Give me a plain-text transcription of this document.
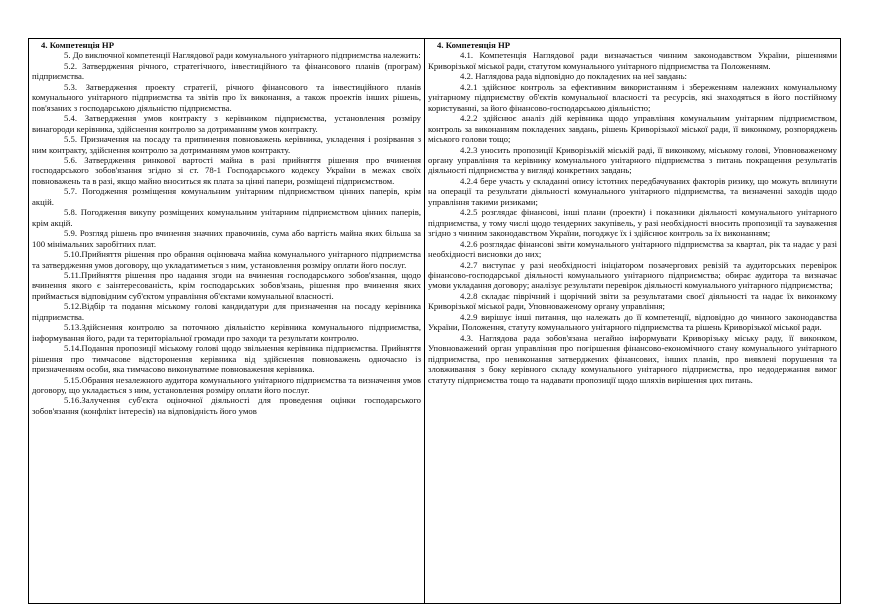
4. Компетенція НР
5. До виключної компетенції Наглядової ради комунального унітарного підприємства належить:
5.2. Затвердження річного, стратегічного, інвестиційного та фінансового планів (програм) підприємства.
5.3. Затвердження проекту стратегії, річного фінансового та інвестиційного планів комунального унітарного підприємства та звітів про їх виконання, а також проектів інших рішень, пов'язаних з господарською діяльністю підприємства.
5.4. Затвердження умов контракту з керівником підприємства, установлення розміру винагороди керівника, здійснення контролю за дотриманням умов контракту.
5.5. Призначення на посаду та припинення повноважень керівника, укладення і розірвання з ним контракту, здійснення контролю за дотриманням умов контракту.
5.6. Затвердження ринкової вартості майна в разі прийняття рішення про вчинення господарського зобов'язання згідно зі ст. 78-1 Господарського кодексу України в межах своїх повноважень та в разі, якщо майно вноситься як плата за цінні папери, розміщені підприємством.
5.7. Погодження розміщення комунальним унітарним підприємством цінних паперів, крім акцій.
5.8. Погодження викупу розміщених комунальним унітарним підприємством цінних паперів, крім акцій.
5.9. Розгляд рішень про вчинення значних правочинів, сума або вартість майна яких більша за 100 мінімальних заробітних плат.
5.10.Прийняття рішення про обрання оцінювача майна комунального унітарного підприємства та затвердження умов договору, що укладатиметься з ним, установлення розміру оплати його послуг.
5.11.Прийняття рішення про надання згоди на вчинення господарського зобов'язання, щодо вчинення якого є заінтересованість, крім господарських зобов'язань, рішення про вчинення яких приймається відповідним суб'єктом управління об'єктами комунальної власності.
5.12.Відбір та подання міському голові кандидатури для призначення на посаду керівника підприємства.
5.13.Здійснення контролю за поточною діяльністю керівника комунального підприємства, інформування його, ради та територіальної громади про заходи та результати контролю.
5.14.Подання пропозиції міському голові щодо звільнення керівника підприємства. Прийняття рішення про тимчасове відсторонення керівника від здійснення повноважень одночасно із призначенням особи, яка тимчасово виконуватиме повноваження керівника.
5.15.Обрання незалежного аудитора комунального унітарного підприємства та визначення умов договору, що укладається з ним, установлення розміру оплати його послуг.
5.16.Залучення суб'єкта оціночної діяльності для проведення оцінки господарського зобов'язання (конфлікт інтересів) на відповідність його умов
4. Компетенція НР
4.1. Компетенція Наглядової ради визначається чинним законодавством України, рішеннями Криворізької міської ради, статутом комунального унітарного підприємства та Положенням.
4.2. Наглядова рада відповідно до покладених на неї завдань:
4.2.1 здійснює контроль за ефективним використанням і збереженням належних комунальному унітарному підприємству об'єктів комунальної власності та ресурсів, які знаходяться в його постійному користуванні, за його фінансово-господарською діяльністю;
4.2.2 здійснює аналіз дій керівника щодо управління комунальним унітарним підприємством, контроль за виконанням покладених завдань, рішень Криворізької міської ради, її виконкому, розпоряджень міського голови тощо;
4.2.3 уносить пропозиції Криворізькій міській раді, її виконкому, міському голові, Уповноваженому органу управління та керівнику комунального унітарного підприємства з питань покращення результатів діяльності підприємства у вигляді конкретних завдань;
4.2.4 бере участь у складанні опису істотних передбачуваних факторів ризику, що можуть вплинути на операції та результати діяльності комунального унітарного підприємства, та визначенні заходів щодо управління такими ризиками;
4.2.5 розглядає фінансові, інші плани (проекти) і показники діяльності комунального унітарного підприємства, у тому числі щодо тендерних закупівель, у разі необхідності вносить пропозиції та зауваження згідно з чинним законодавством України, погоджує їх і здійснює контроль за їх виконанням;
4.2.6 розглядає фінансові звіти комунального унітарного підприємства за квартал, рік та надає у разі необхідності висновки до них;
4.2.7 виступає у разі необхідності ініціатором позачергових ревізій та аудиторських перевірок фінансово-господарської діяльності комунального унітарного підприємства; обирає аудитора та визначає умови укладання договору; аналізує результати перевірок діяльності комунального унітарного підприємства;
4.2.8 складає піврічний і щорічний звіти за результатами своєї діяльності та надає їх виконкому Криворізької міської ради, Уповноваженому органу управління;
4.2.9 вирішує інші питання, що належать до її компетенції, відповідно до чинного законодавства України, Положення, статуту комунального унітарного підприємства та рішень Криворізької міської ради.
4.3. Наглядова рада зобов'язана негайно інформувати Криворізьку міську раду, її виконком, Уповноважений орган управління про погіршення фінансово-економічного стану комунального унітарного підприємства, про невиконання затверджених фінансових, інших планів, про виявлені порушення та зловживання з боку керівного складу комунального унітарного підприємства, про недодержання вимог статуту підприємства тощо та надавати пропозиції щодо шляхів вирішення цих питань.
